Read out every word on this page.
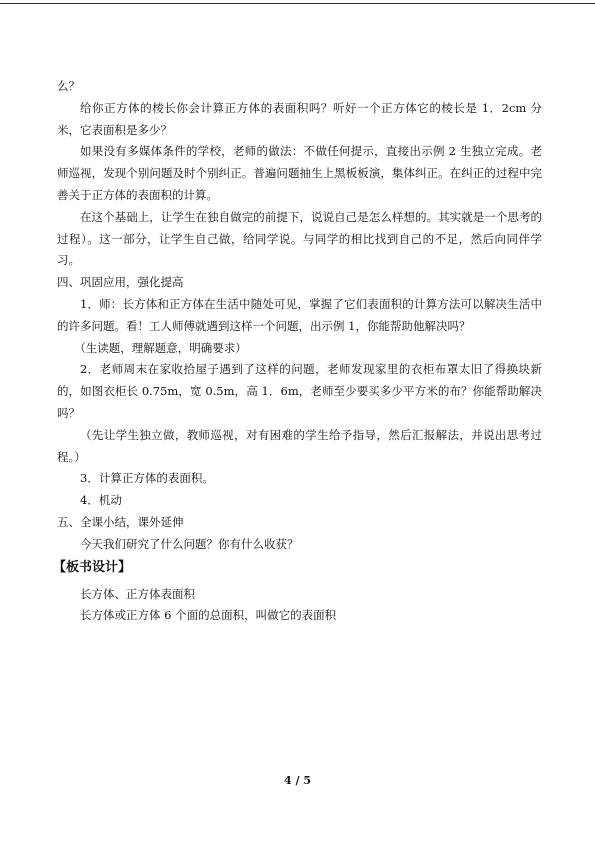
么？

给你正方体的棱长你会计算正方体的表面积吗？听好一个正方体它的棱长是 1．2cm 分米，它表面积是多少？

如果没有多媒体条件的学校，老师的做法：不做任何提示，直接出示例 2 生独立完成。老师巡视，发现个别问题及时个别纠正。普遍问题抽生上黑板板演，集体纠正。在纠正的过程中完善关于正方体的表面积的计算。

在这个基础上，让学生在独自做完的前提下，说说自己是怎么样想的。其实就是一个思考的过程）。这一部分，让学生自己做，给同学说。与同学的相比找到自己的不足，然后向同伴学习。

四、巩固应用，强化提高

1．师：长方体和正方体在生活中随处可见，掌握了它们表面积的计算方法可以解决生活中的许多问题。看！工人师傅就遇到这样一个问题，出示例 1，你能帮助他解决吗？

（生读题，理解题意，明确要求）

2．老师周末在家收拾屋子遇到了这样的问题，老师发现家里的衣柜布罩太旧了得换块新的，如图衣柜长 0.75m，宽 0.5m，高 1．6m，老师至少要买多少平方米的布？你能帮助解决吗？

（先让学生独立做，教师巡视，对有困难的学生给予指导，然后汇报解法，并说出思考过程。）

3．计算正方体的表面积。

4．机动

五、全课小结，课外延伸

今天我们研究了什么问题？你有什么收获？

【板书设计】

长方体、正方体表面积

长方体或正方体 6 个面的总面积，叫做它的表面积

4 / 5
